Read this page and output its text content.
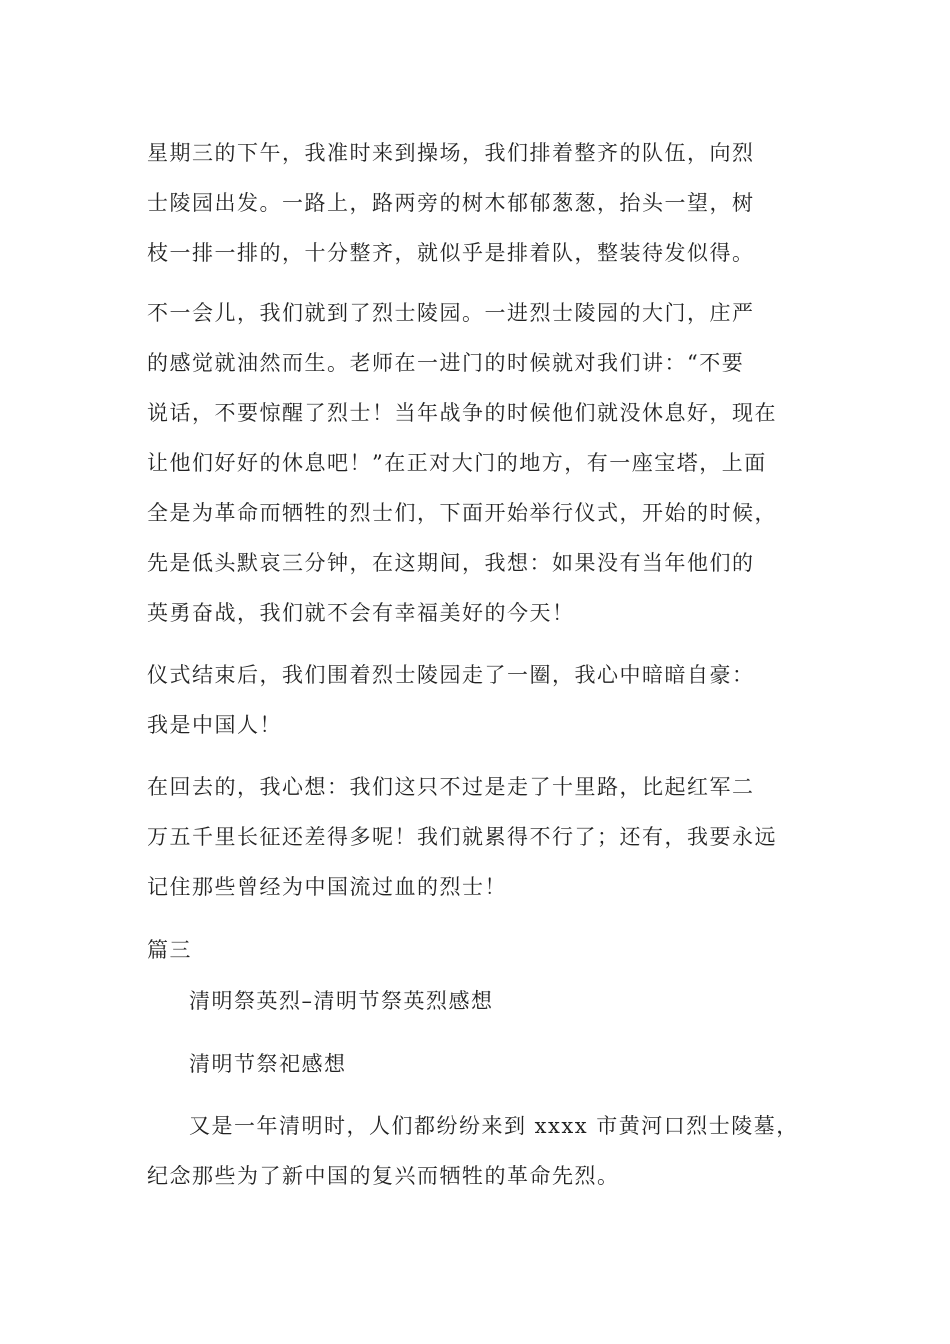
星期三的下午，我准时来到操场，我们排着整齐的队伍，向烈
士陵园出发。一路上，路两旁的树木郁郁葱葱，抬头一望，树
枝一排一排的，十分整齐，就似乎是排着队，整装待发似得。
不一会儿，我们就到了烈士陵园。一进烈士陵园的大门，庄严
的感觉就油然而生。老师在一进门的时候就对我们讲：“不要
说话，不要惊醒了烈士！当年战争的时候他们就没休息好，现在
让他们好好的休息吧！”在正对大门的地方，有一座宝塔，上面
全是为革命而牺牲的烈士们，下面开始举行仪式，开始的时候，
先是低头默哀三分钟，在这期间，我想：如果没有当年他们的
英勇奋战，我们就不会有幸福美好的今天！
仪式结束后，我们围着烈士陵园走了一圈，我心中暗暗自豪：
我是中国人！
在回去的，我心想：我们这只不过是走了十里路，比起红军二
万五千里长征还差得多呢！我们就累得不行了；还有，我要永远
记住那些曾经为中国流过血的烈士！
篇三
清明祭英烈–清明节祭英烈感想
清明节祭祀感想
又是一年清明时，人们都纷纷来到 xxxx 市黄河口烈士陵墓，
纪念那些为了新中国的复兴而牺牲的革命先烈。
